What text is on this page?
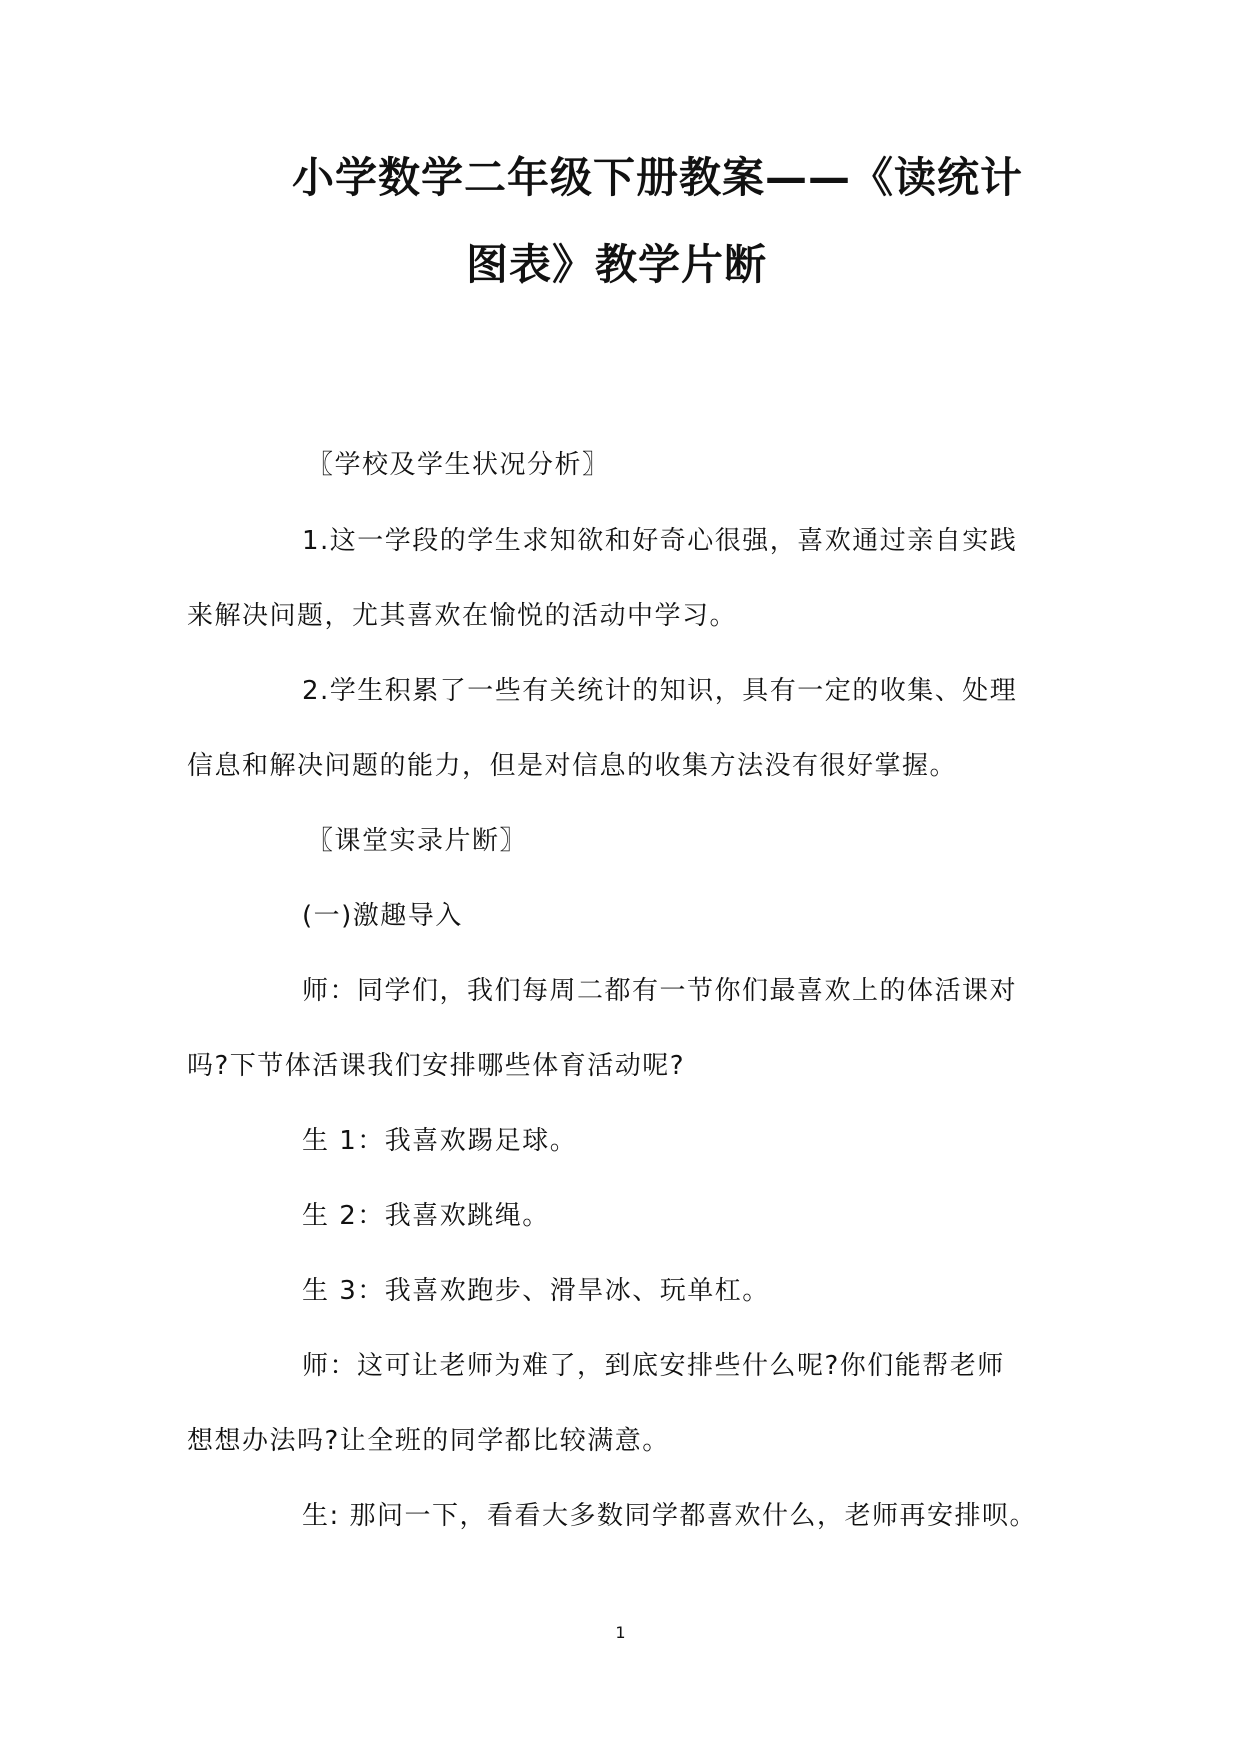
小学数学二年级下册教案——《读统计
图表》教学片断
〖学校及学生状况分析〗
1.这一学段的学生求知欲和好奇心很强，喜欢通过亲自实践
来解决问题，尤其喜欢在愉悦的活动中学习。
2.学生积累了一些有关统计的知识，具有一定的收集、处理
信息和解决问题的能力，但是对信息的收集方法没有很好掌握。
〖课堂实录片断〗
(一)激趣导入
师：同学们，我们每周二都有一节你们最喜欢上的体活课对
吗?下节体活课我们安排哪些体育活动呢?
生 1：我喜欢踢足球。
生 2：我喜欢跳绳。
生 3：我喜欢跑步、滑旱冰、玩单杠。
师：这可让老师为难了，到底安排些什么呢?你们能帮老师
想想办法吗?让全班的同学都比较满意。
生: 那问一下，看看大多数同学都喜欢什么，老师再安排呗。
1
